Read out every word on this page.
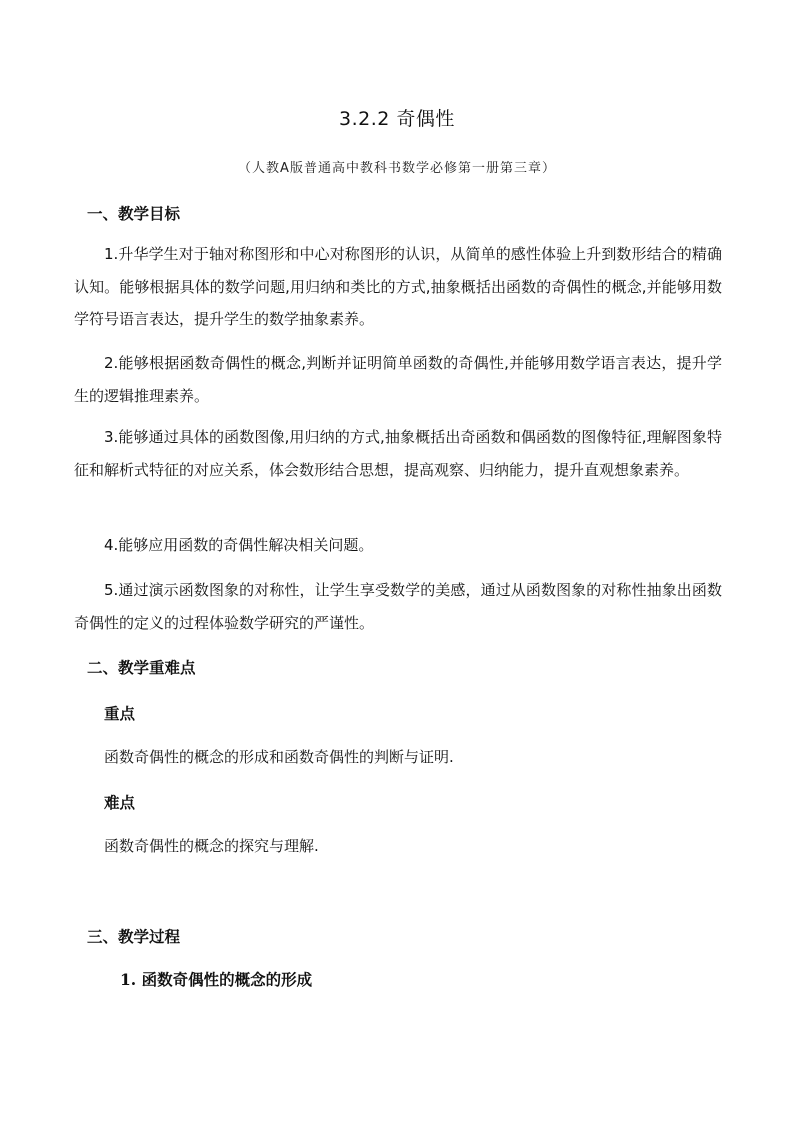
3.2.2 奇偶性
（人教A版普通高中教科书数学必修第一册第三章）
一、教学目标
1.升华学生对于轴对称图形和中心对称图形的认识，从简单的感性体验上升到数形结合的精确认知。能够根据具体的数学问题,用归纳和类比的方式,抽象概括出函数的奇偶性的概念,并能够用数学符号语言表达，提升学生的数学抽象素养。
2.能够根据函数奇偶性的概念,判断并证明简单函数的奇偶性,并能够用数学语言表达，提升学生的逻辑推理素养。
3.能够通过具体的函数图像,用归纳的方式,抽象概括出奇函数和偶函数的图像特征,理解图象特征和解析式特征的对应关系，体会数形结合思想，提高观察、归纳能力，提升直观想象素养。
4.能够应用函数的奇偶性解决相关问题。
5.通过演示函数图象的对称性，让学生享受数学的美感，通过从函数图象的对称性抽象出函数奇偶性的定义的过程体验数学研究的严谨性。
二、教学重难点
重点
函数奇偶性的概念的形成和函数奇偶性的判断与证明.
难点
函数奇偶性的概念的探究与理解.
三、教学过程
1. 函数奇偶性的概念的形成
